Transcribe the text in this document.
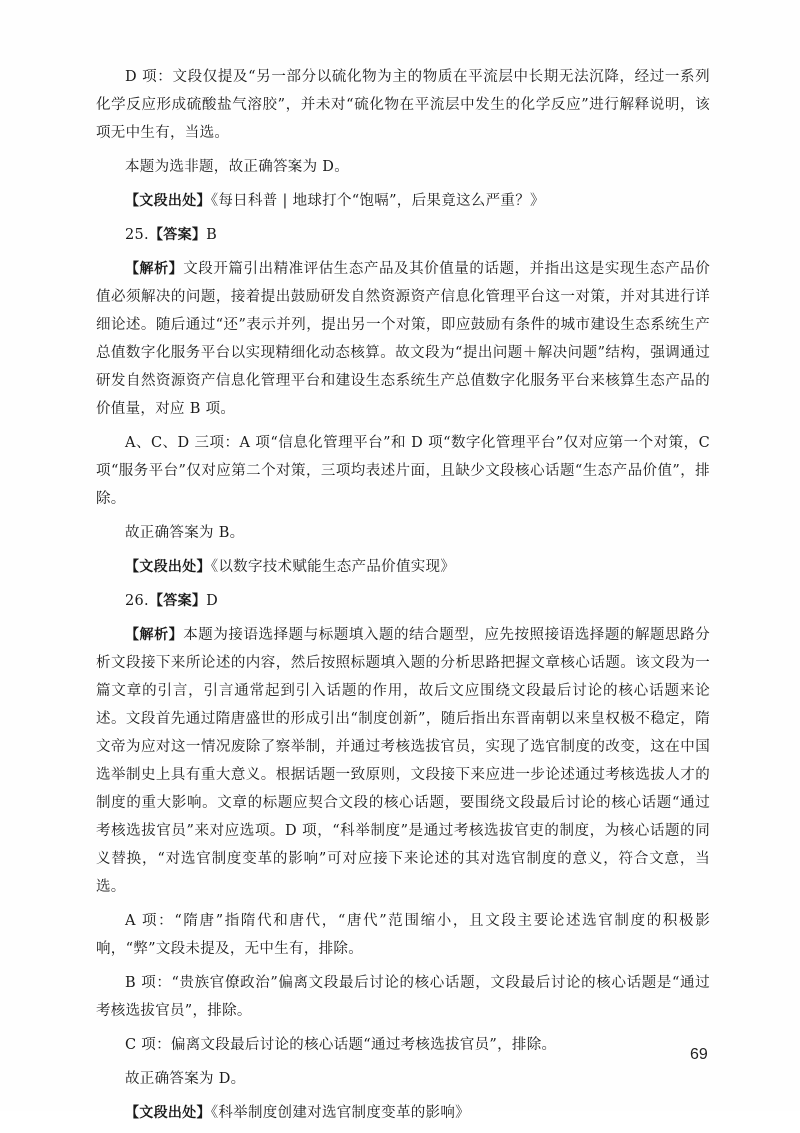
D 项：文段仅提及“另一部分以硫化物为主的物质在平流层中长期无法沉降，经过一系列化学反应形成硫酸盐气溶胶”，并未对“硫化物在平流层中发生的化学反应”进行解释说明，该项无中生有，当选。

本题为选非题，故正确答案为 D。

【文段出处】《每日科普 | 地球打个“饱嗝”，后果竟这么严重？》

25.【答案】B

【解析】文段开篇引出精准评估生态产品及其价值量的话题，并指出这是实现生态产品价值必须解决的问题，接着提出鼓励研发自然资源资产信息化管理平台这一对策，并对其进行详细论述。随后通过“还”表示并列，提出另一个对策，即应鼓励有条件的城市建设生态系统生产总值数字化服务平台以实现精细化动态核算。故文段为“提出问题＋解决问题”结构，强调通过研发自然资源资产信息化管理平台和建设生态系统生产总值数字化服务平台来核算生态产品的价值量，对应 B 项。

A、C、D 三项：A 项“信息化管理平台”和 D 项“数字化管理平台”仅对应第一个对策，C 项“服务平台”仅对应第二个对策，三项均表述片面，且缺少文段核心话题“生态产品价值”，排除。

故正确答案为 B。

【文段出处】《以数字技术赋能生态产品价值实现》

26.【答案】D

【解析】本题为接语选择题与标题填入题的结合题型，应先按照接语选择题的解题思路分析文段接下来所论述的内容，然后按照标题填入题的分析思路把握文章核心话题。该文段为一篇文章的引言，引言通常起到引入话题的作用，故后文应围绕文段最后讨论的核心话题来论述。文段首先通过隋唐盛世的形成引出“制度创新”，随后指出东晋南朝以来皇权极不稳定，隋文帝为应对这一情况废除了察举制，并通过考核选拔官员，实现了选官制度的改变，这在中国选举制史上具有重大意义。根据话题一致原则，文段接下来应进一步论述通过考核选拔人才的制度的重大影响。文章的标题应契合文段的核心话题，要围绕文段最后讨论的核心话题“通过考核选拔官员”来对应选项。D 项，“科举制度”是通过考核选拔官吏的制度，为核心话题的同义替换，“对选官制度变革的影响”可对应接下来论述的其对选官制度的意义，符合文意，当选。

A 项：“隋唐”指隋代和唐代，“唐代”范围缩小，且文段主要论述选官制度的积极影响，“弊”文段未提及，无中生有，排除。

B 项：“贵族官僚政治”偏离文段最后讨论的核心话题，文段最后讨论的核心话题是“通过考核选拔官员”，排除。

C 项：偏离文段最后讨论的核心话题“通过考核选拔官员”，排除。

故正确答案为 D。

【文段出处】《科举制度创建对选官制度变革的影响》

69
